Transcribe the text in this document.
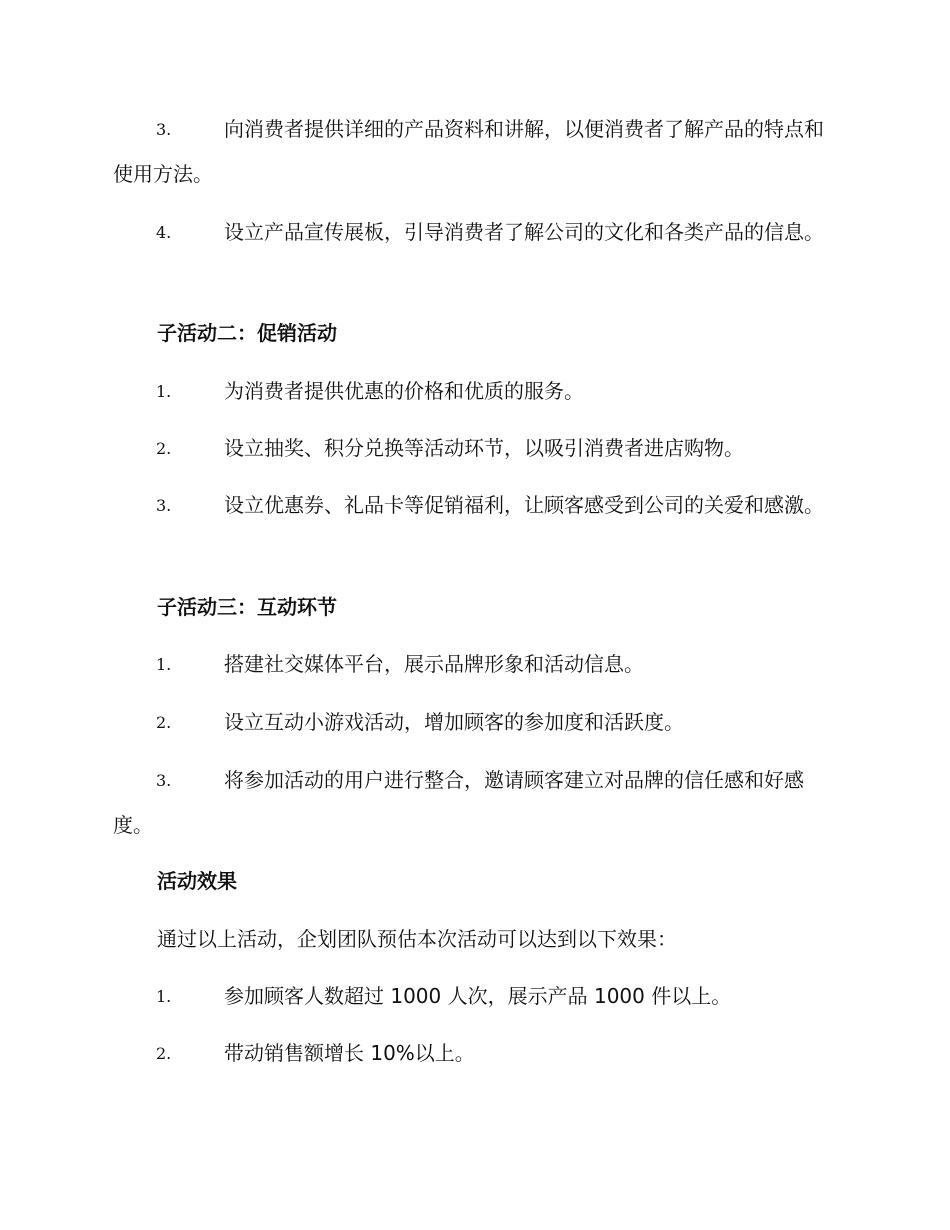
3.	向消费者提供详细的产品资料和讲解，以便消费者了解产品的特点和使用方法。

4.	设立产品宣传展板，引导消费者了解公司的文化和各类产品的信息。

子活动二：促销活动

1.	为消费者提供优惠的价格和优质的服务。

2.	设立抽奖、积分兑换等活动环节，以吸引消费者进店购物。

3.	设立优惠券、礼品卡等促销福利，让顾客感受到公司的关爱和感激。

子活动三：互动环节

1.	搭建社交媒体平台，展示品牌形象和活动信息。

2.	设立互动小游戏活动，增加顾客的参加度和活跃度。

3.	将参加活动的用户进行整合，邀请顾客建立对品牌的信任感和好感度。

活动效果

通过以上活动，企划团队预估本次活动可以达到以下效果：

1.	参加顾客人数超过 1000 人次，展示产品 1000 件以上。

2.	带动销售额增长 10%以上。
